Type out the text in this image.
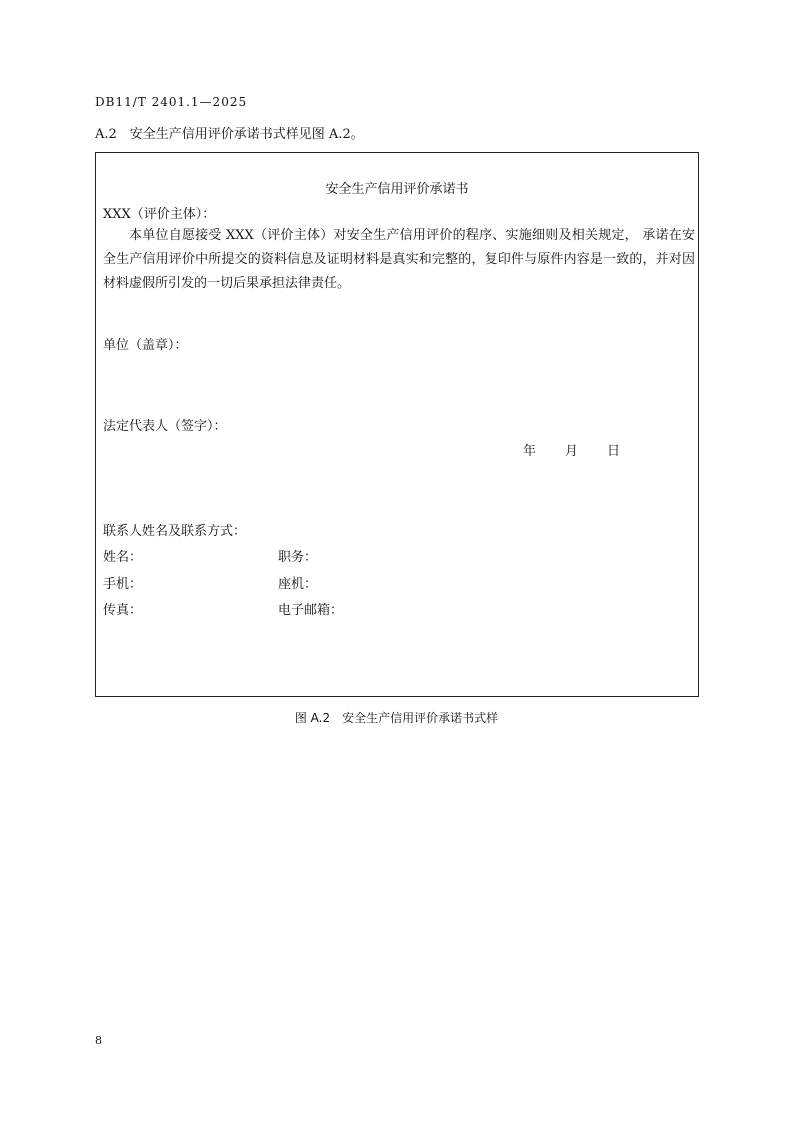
DB11/T 2401.1—2025
A.2　安全生产信用评价承诺书式样见图 A.2。
安全生产信用评价承诺书
XXX（评价主体）：
本单位自愿接受 XXX（评价主体）对安全生产信用评价的程序、实施细则及相关规定， 承诺在安全生产信用评价中所提交的资料信息及证明材料是真实和完整的，复印件与原件内容是一致的，并对因材料虚假所引发的一切后果承担法律责任。
单位（盖章）：
法定代表人（签字）：
年 月 日
联系人姓名及联系方式：
姓名：	职务：
手机：	座机：
传真：	电子邮箱：
图 A.2　安全生产信用评价承诺书式样
8
